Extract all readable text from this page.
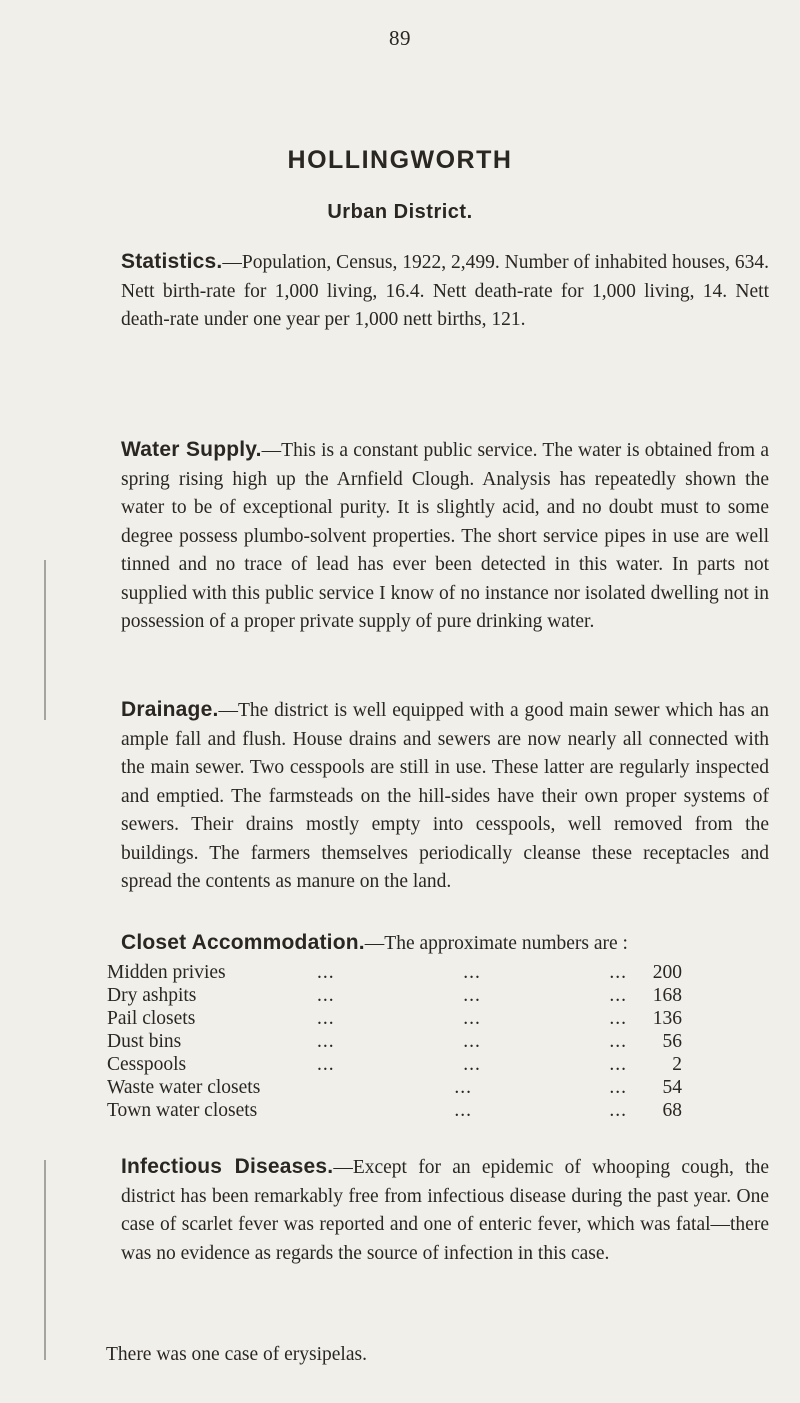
89
HOLLINGWORTH
Urban District.

Statistics.—Population, Census, 1922, 2,499. Number of inhabited houses, 634. Nett birth-rate for 1,000 living, 16.4. Nett death-rate for 1,000 living, 14. Nett death-rate under one year per 1,000 nett births, 121.

Water Supply.—This is a constant public service. The water is obtained from a spring rising high up the Arnfield Clough. Analysis has repeatedly shown the water to be of exceptional purity. It is slightly acid, and no doubt must to some degree possess plumbo-solvent properties. The short service pipes in use are well tinned and no trace of lead has ever been detected in this water. In parts not supplied with this public service I know of no instance nor isolated dwelling not in possession of a proper private supply of pure drinking water.

Drainage.—The district is well equipped with a good main sewer which has an ample fall and flush. House drains and sewers are now nearly all connected with the main sewer. Two cesspools are still in use. These latter are regularly inspected and emptied. The farmsteads on the hill-sides have their own proper systems of sewers. Their drains mostly empty into cesspools, well removed from the buildings. The farmers themselves periodically cleanse these receptacles and spread the contents as manure on the land.

Closet Accommodation.—The approximate numbers are :

Midden privies	...	...	... 200
Dry ashpits	...	...	... 168
Pail closets	...	...	... 136
Dust bins	...	...	... 56
Cesspools	...	...	... 2
Waste water closets	...	... 54
Town water closets	...	... 68

Infectious Diseases.—Except for an epidemic of whooping cough, the district has been remarkably free from infectious disease during the past year. One case of scarlet fever was reported and one of enteric fever, which was fatal—there was no evidence as regards the source of infection in this case.

There was one case of erysipelas.
